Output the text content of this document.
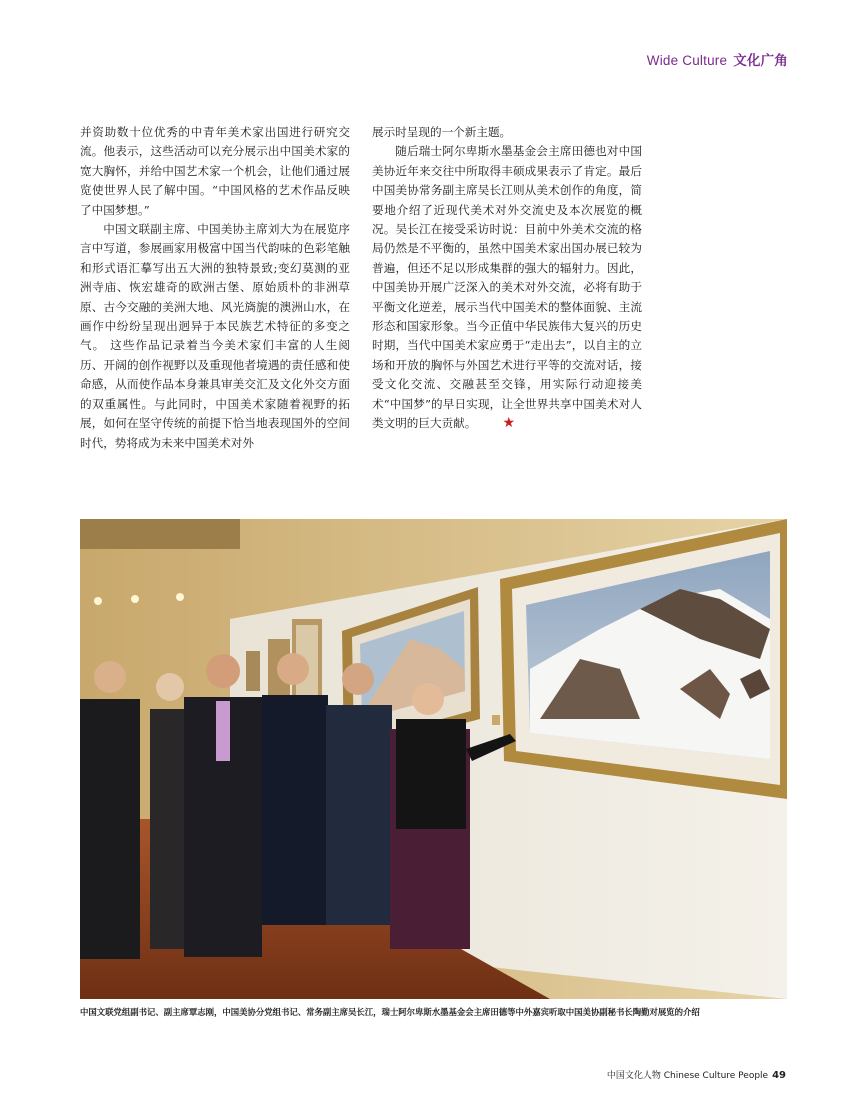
Wide Culture 文化广角

并资助数十位优秀的中青年美术家出国进行研究交流。他表示，这些活动可以充分展示出中国美术家的宽大胸怀，并给中国艺术家一个机会，让他们通过展览使世界人民了解中国。“中国风格的艺术作品反映了中国梦想。”

中国文联副主席、中国美协主席刘大为在展览序言中写道，参展画家用极富中国当代韵味的色彩笔触和形式语汇摹写出五大洲的独特景致;变幻莫测的亚洲寺庙、恢宏雄奇的欧洲古堡、原始质朴的非洲草原、古今交融的美洲大地、风光旖旎的澳洲山水，在画作中纷纷呈现出迥异于本民族艺术特征的多变之气。 这些作品记录着当今美术家们丰富的人生阅历、开阔的创作视野以及重现他者境遇的责任感和使命感，从而使作品本身兼具审美交汇及文化外交方面的双重属性。与此同时，中国美术家随着视野的拓展，如何在坚守传统的前提下恰当地表现国外的空间时代，势将成为未来中国美术对外

展示时呈现的一个新主题。

随后瑞士阿尔卑斯水墨基金会主席田德也对中国美协近年来交往中所取得丰硕成果表示了肯定。最后中国美协常务副主席吴长江则从美术创作的角度，简要地介绍了近现代美术对外交流史及本次展览的概况。吴长江在接受采访时说：目前中外美术交流的格局仍然是不平衡的，虽然中国美术家出国办展已较为普遍，但还不足以形成集群的强大的辐射力。因此，中国美协开展广泛深入的美术对外交流，必将有助于平衡文化逆差，展示当代中国美术的整体面貌、主流形态和国家形象。当今正值中华民族伟大复兴的历史时期，当代中国美术家应勇于“走出去”，以自主的立场和开放的胸怀与外国艺术进行平等的交流对话，接受文化交流、交融甚至交锋，用实际行动迎接美术“中国梦”的早日实现，让全世界共享中国美术对人类文明的巨大贡献。 ★

中国文联党组副书记、副主席覃志刚，中国美协分党组书记、常务副主席吴长江，瑞士阿尔卑斯水墨基金会主席田德等中外嘉宾听取中国美协副秘书长陶勤对展览的介绍
中国文化人物 Chinese Culture People 49
